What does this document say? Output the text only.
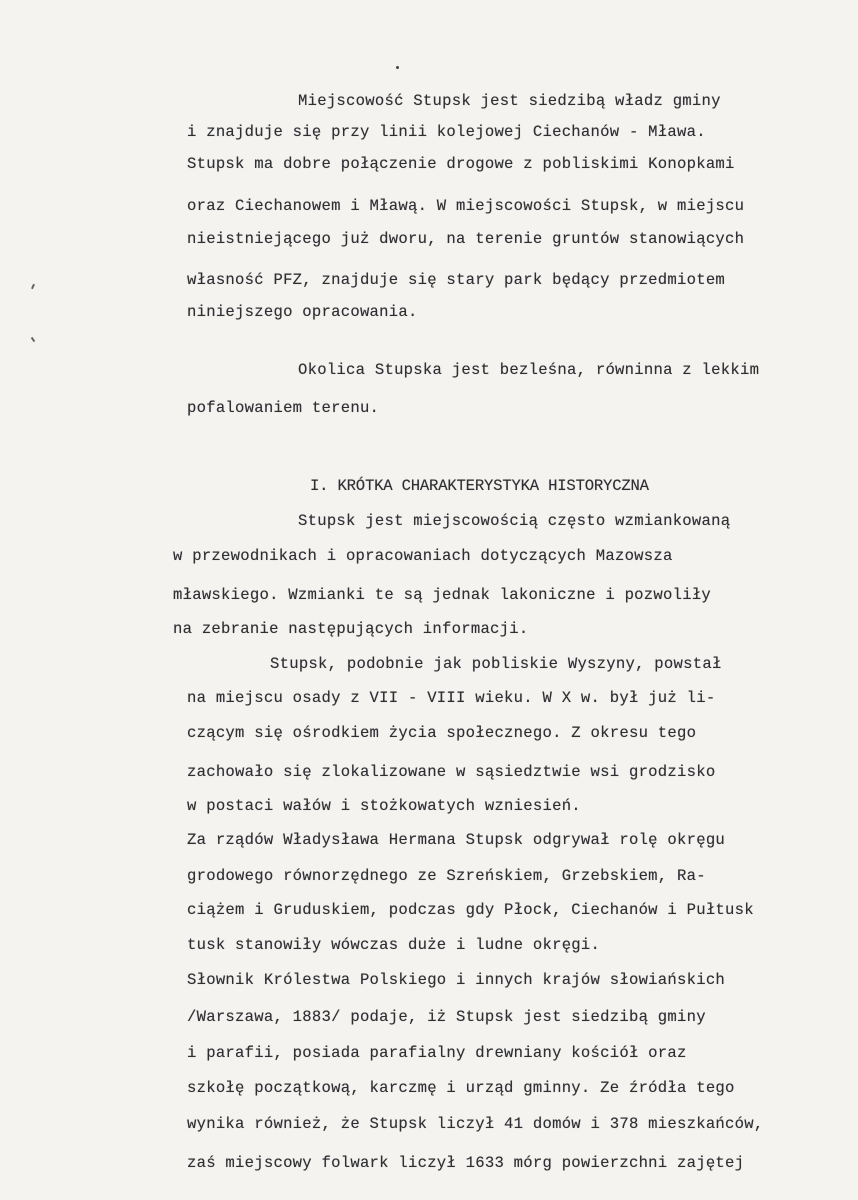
Miejscowość Stupsk jest siedzibą władz gminy
i znajduje się przy linii kolejowej Ciechanów - Mława.
Stupsk ma dobre połączenie drogowe z pobliskimi Konopkami
oraz Ciechanowem i Mławą. W miejscowości Stupsk, w miejscu
nieistniejącego już dworu, na terenie gruntów stanowiących
własność PFZ, znajduje się stary park będący przedmiotem
niniejszego opracowania.
Okolica Stupska jest bezleśna, równinna z lekkim
pofalowaniem terenu.
I. KRÓTKA CHARAKTERYSTYKA HISTORYCZNA
Stupsk jest miejscowością często wzmiankowaną
w przewodnikach i opracowaniach dotyczących Mazowsza
mławskiego. Wzmianki te są jednak lakoniczne i pozwoliły
na zebranie następujących informacji.
Stupsk, podobnie jak pobliskie Wyszyny, powstał
na miejscu osady z VII - VIII wieku. W X w. był już li-
czącym się ośrodkiem życia społecznego. Z okresu tego
zachowało się zlokalizowane w sąsiedztwie wsi grodzisko
w postaci wałów i stożkowatych wzniesień.
Za rządów Władysława Hermana Stupsk odgrywał rolę okręgu
grodowego równorzędnego ze Szreńskiem, Grzebskiem, Ra-
ciążem i Gruduskiem, podczas gdy Płock, Ciechanów i Pułtusk
tusk stanowiły wówczas duże i ludne okręgi.
Słownik Królestwa Polskiego i innych krajów słowiańskich
/Warszawa, 1883/ podaje, iż Stupsk jest siedzibą gminy
i parafii, posiada parafialny drewniany kościół oraz
szkołę początkową, karczmę i urząd gminny. Ze źródła tego
wynika również, że Stupsk liczył 41 domów i 378 mieszkańców,
zaś miejscowy folwark liczył 1633 mórg powierzchni zajętej
